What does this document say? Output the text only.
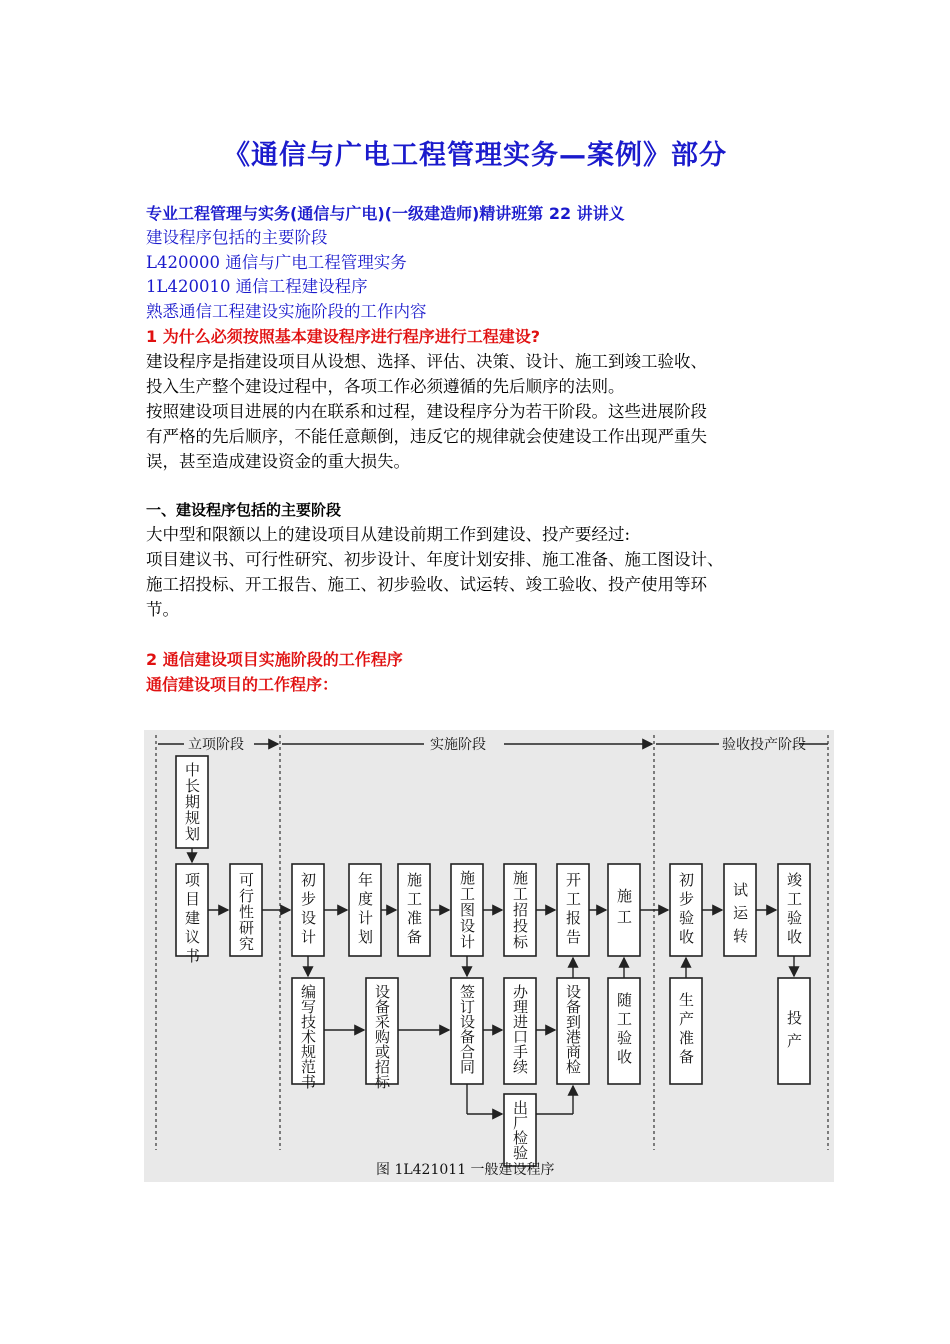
《通信与广电工程管理实务—案例》部分
专业工程管理与实务(通信与广电)(一级建造师)精讲班第 22 讲讲义
建设程序包括的主要阶段
L420000 通信与广电工程管理实务
1L420010 通信工程建设程序
熟悉通信工程建设实施阶段的工作内容
1 为什么必须按照基本建设程序进行程序进行工程建设?
建设程序是指建设项目从设想、选择、评估、决策、设计、施工到竣工验收、
投入生产整个建设过程中，各项工作必须遵循的先后顺序的法则。
按照建设项目进展的内在联系和过程，建设程序分为若干阶段。这些进展阶段
有严格的先后顺序，不能任意颠倒，违反它的规律就会使建设工作出现严重失
误，甚至造成建设资金的重大损失。
一、建设程序包括的主要阶段
大中型和限额以上的建设项目从建设前期工作到建设、投产要经过:
项目建议书、可行性研究、初步设计、年度计划安排、施工准备、施工图设计、
施工招投标、开工报告、施工、初步验收、试运转、竣工验收、投产使用等环
节。
2 通信建设项目实施阶段的工作程序
通信建设项目的工作程序：
立项阶段	实施阶段	验收投产阶段
中长期规划
项目建议书 可行性研究	初步设计	年度计划 施工准备 施工图设计 施工招投标 开工报告 施工	初步验收 试运转 竣工验收
编写技术规范书	设备采购或招标	签订设备合同 办理进口手续 设备到港商检 随工验收	生产准备	投产
出厂检验
图 1L421011 一般建设程序
